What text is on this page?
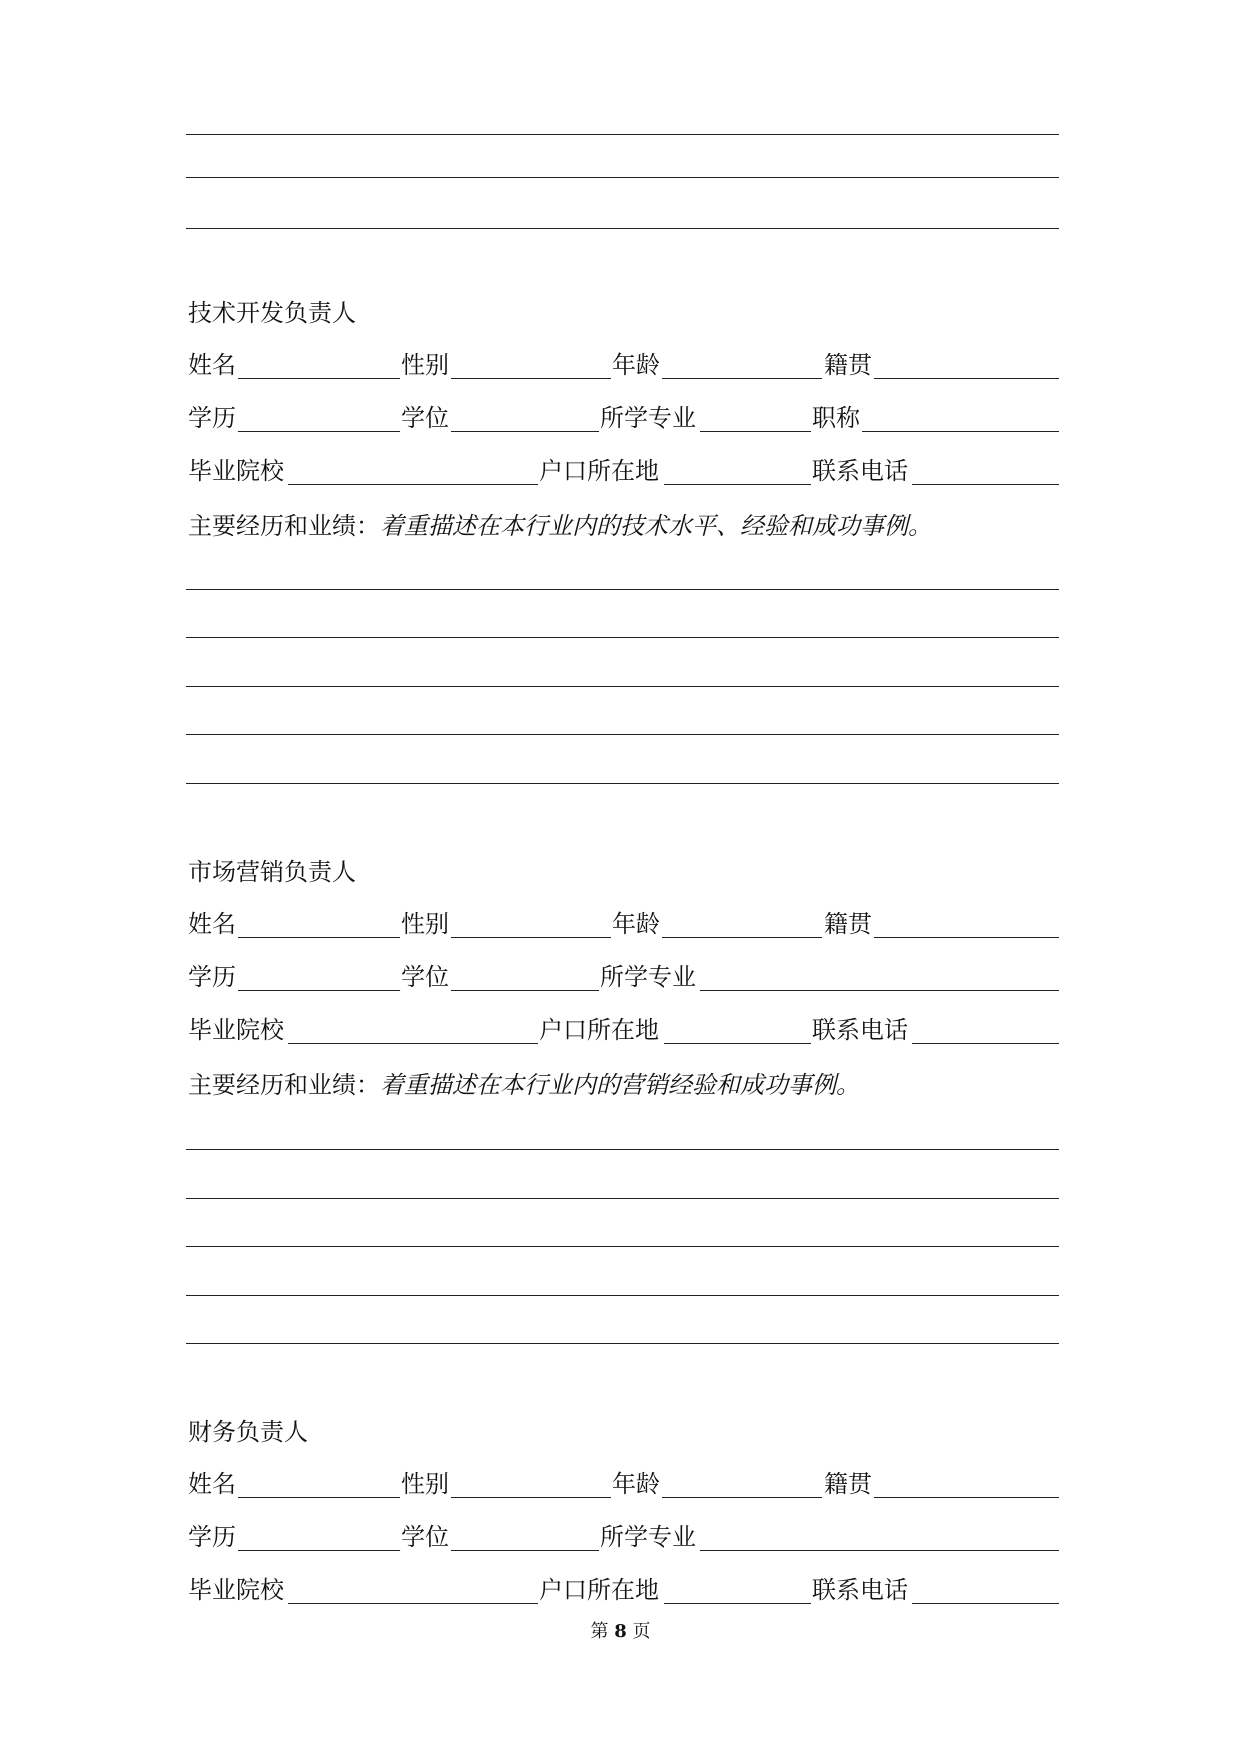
技术开发负责人
姓名	性别	年龄	籍贯
学历	学位	所学专业	职称
毕业院校	户口所在地	联系电话
主要经历和业绩：着重描述在本行业内的技术水平、经验和成功事例。
市场营销负责人
姓名	性别	年龄	籍贯
学历	学位	所学专业
毕业院校	户口所在地	联系电话
主要经历和业绩：着重描述在本行业内的营销经验和成功事例。
财务负责人
姓名	性别	年龄	籍贯
学历	学位	所学专业
毕业院校	户口所在地	联系电话
第 8 页
